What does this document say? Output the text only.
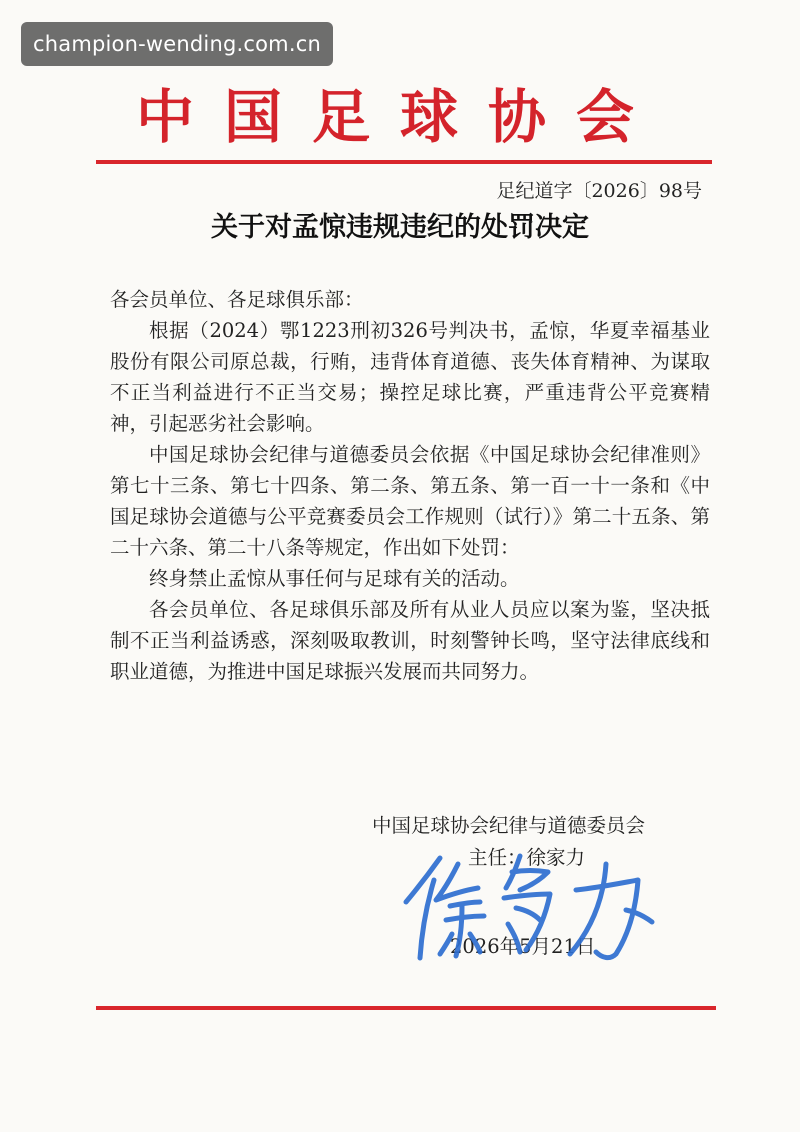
champion-wending.com.cn
中国足球协会
足纪道字〔2026〕98号
关于对孟惊违规违纪的处罚决定

各会员单位、各足球俱乐部：

根据（2024）鄂1223刑初326号判决书，孟惊，华夏幸福基业股份有限公司原总裁，行贿，违背体育道德、丧失体育精神、为谋取不正当利益进行不正当交易；操控足球比赛，严重违背公平竞赛精神，引起恶劣社会影响。

中国足球协会纪律与道德委员会依据《中国足球协会纪律准则》第七十三条、第七十四条、第二条、第五条、第一百一十一条和《中国足球协会道德与公平竞赛委员会工作规则（试行）》第二十五条、第二十六条、第二十八条等规定，作出如下处罚：

终身禁止孟惊从事任何与足球有关的活动。

各会员单位、各足球俱乐部及所有从业人员应以案为鉴，坚决抵制不正当利益诱惑，深刻吸取教训，时刻警钟长鸣，坚守法律底线和职业道德，为推进中国足球振兴发展而共同努力。

中国足球协会纪律与道德委员会
主任：徐家力
2026年5月21日
